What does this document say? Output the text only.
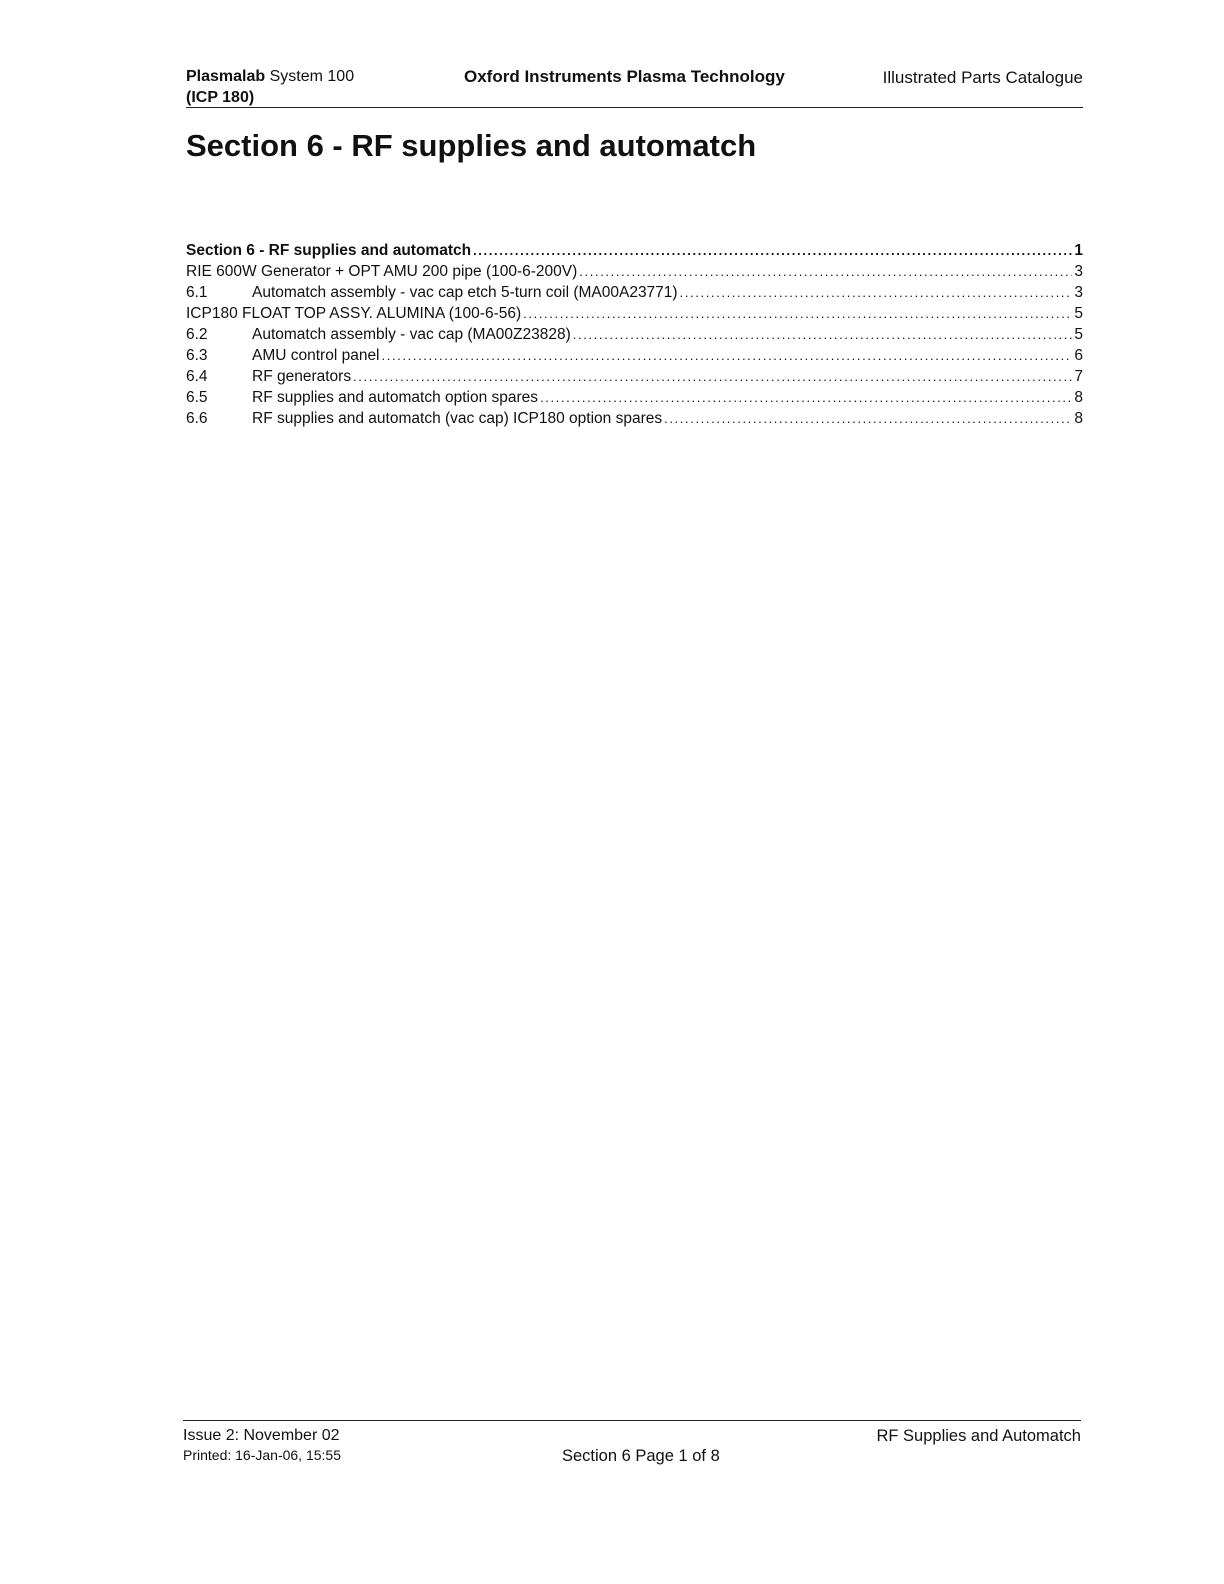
Plasmalab System 100
(ICP 180)
Oxford Instruments Plasma Technology	Illustrated Parts Catalogue
Section 6 - RF supplies and automatch
Section 6 - RF supplies and automatch . . .	1
RIE 600W Generator + OPT AMU 200 pipe (100-6-200V) . . .	3
6.1	Automatch assembly - vac cap etch 5-turn coil (MA00A23771) . . .	3
ICP180 FLOAT TOP ASSY. ALUMINA (100-6-56) . . .	5
6.2	Automatch assembly - vac cap (MA00Z23828) . . .	5
6.3	AMU control panel . . .	6
6.4	RF generators . . .	7
6.5	RF supplies and automatch option spares . . .	8
6.6	RF supplies and automatch (vac cap) ICP180 option spares . . .	8
Issue 2: November 02
Printed: 16-Jan-06, 15:55	Section 6 Page 1 of 8
RF Supplies and Automatch
